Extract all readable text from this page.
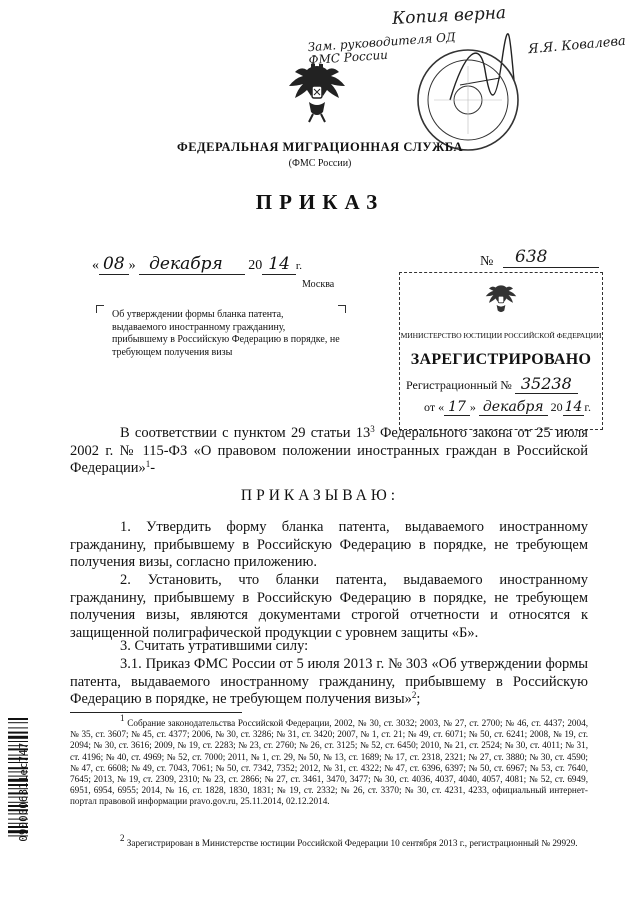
Копия верна
Зам. руководителя ОД ФМС России
Я.Я. Ковалева
ФЕДЕРАЛЬНАЯ МИГРАЦИОННАЯ СЛУЖБА
(ФМС России)
ПРИКАЗ
« 08 » декабря 20 14 г.	№	638
Москва
Об утверждении формы бланка патента, выдаваемого иностранному гражданину, прибывшему в Российскую Федерацию в порядке, не требующем получения визы
МИНИСТЕРСТВО ЮСТИЦИИ РОССИЙСКОЙ ФЕДЕРАЦИИ
ЗАРЕГИСТРИРОВАНО
Регистрационный № 35238
от « 17 » декабря 20 14 г.
В соответствии с пунктом 29 статьи $13^3$ Федерального закона от 25 июля 2002 г. № 115-ФЗ «О правовом положении иностранных граждан в Российской Федерации»$^1$-
ПРИКАЗЫВАЮ:
1. Утвердить форму бланка патента, выдаваемого иностранному гражданину, прибывшему в Российскую Федерацию в порядке, не требующем получения визы, согласно приложению.
2. Установить, что бланки патента, выдаваемого иностранному гражданину, прибывшему в Российскую Федерацию в порядке, не требующем получения визы, являются документами строгой отчетности и относятся к защищенной полиграфической продукции с уровнем защиты «Б».
3. Считать утратившими силу:
3.1. Приказ ФМС России от 5 июля 2013 г. № 303 «Об утверждении формы патента, выдаваемого иностранному гражданину, прибывшему в Российскую Федерацию в порядке, не требующем получения визы»$^2$;
$^1$ Собрание законодательства Российской Федерации, 2002, № 30, ст. 3032; 2003, № 27, ст. 2700; № 46, ст. 4437; 2004, № 35, ст. 3607; № 45, ст. 4377; 2006, № 30, ст. 3286; № 31, ст. 3420; 2007, № 1, ст. 21; № 49, ст. 6071; № 50, ст. 6241; 2008, № 19, ст. 2094; № 30, ст. 3616; 2009, № 19, ст. 2283; № 23, ст. 2760; № 26, ст. 3125; № 52, ст. 6450; 2010, № 21, ст. 2524; № 30, ст. 4011; № 31, ст. 4196; № 40, ст. 4969; № 52, ст. 7000; 2011, № 1, ст. 29, № 50, № 13, ст. 1689; № 17, ст. 2318, 2321; № 27, ст. 3880; № 30, ст. 4590; № 47, ст. 6608; № 49, ст. 7043, 7061; № 50, ст. 7342, 7352; 2012, № 31, ст. 4322; № 47, ст. 6396, 6397; № 50, ст. 6967; № 53, ст. 7640, 7645; 2013, № 19, ст. 2309, 2310; № 23, ст. 2866; № 27, ст. 3461, 3470, 3477; № 30, ст. 4036, 4037, 4040, 4057, 4081; № 52, ст. 6949, 6951, 6954, 6955; 2014, № 16, ст. 1828, 1830, 1831; № 19, ст. 2332; № 26, ст. 3370; № 30, ст. 4231, 4233, официальный интернет-портал правовой информации pravo.gov.ru, 25.11.2014, 02.12.2014.
$^2$ Зарегистрирован в Министерстве юстиции Российской Федерации 10 сентября 2013 г., регистрационный № 29929.
0900006811ec747
